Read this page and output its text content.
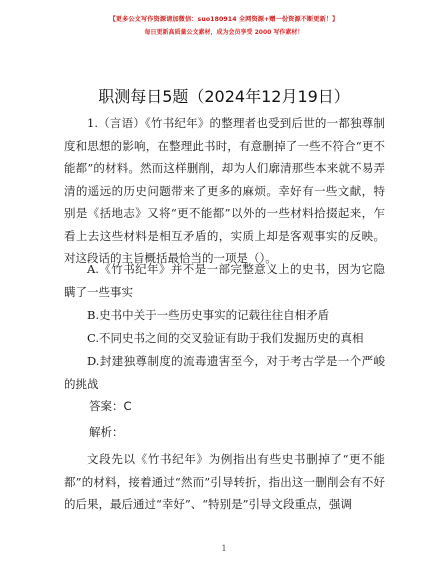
【更多公文写作资源请加微信：suo180914 全网资源+赠一份资源不断更新！】
每日更新高质量公文素材，成为会员享受 2000 写作素材！
职测每日5题（2024年12月19日）
1.（言语）《竹书纪年》的整理者也受到后世的一都独尊制度和思想的影响，在整理此书时，有意删掉了一些不符合“更不能都”的材料。然而这样删削，却为人们廓清那些本来就不易弄清的遥远的历史问题带来了更多的麻烦。幸好有一些文献，特别是《括地志》又将“更不能都”以外的一些材料拾掇起来，乍看上去这些材料是相互矛盾的，实质上却是客观事实的反映。对这段话的主旨概括最恰当的一项是（）。
A.《竹书纪年》并不是一部完整意义上的史书，因为它隐瞒了一些事实
B.史书中关于一些历史事实的记载往往自相矛盾
C.不同史书之间的交叉验证有助于我们发掘历史的真相
D.封建独尊制度的流毒遗害至今，对于考古学是一个严峻的挑战
答案：C
解析：
文段先以《竹书纪年》为例指出有些史书删掉了“更不能都”的材料，接着通过“然而”引导转折，指出这一删削会有不好的后果，最后通过“幸好”、“特别是”引导文段重点，强调
1
